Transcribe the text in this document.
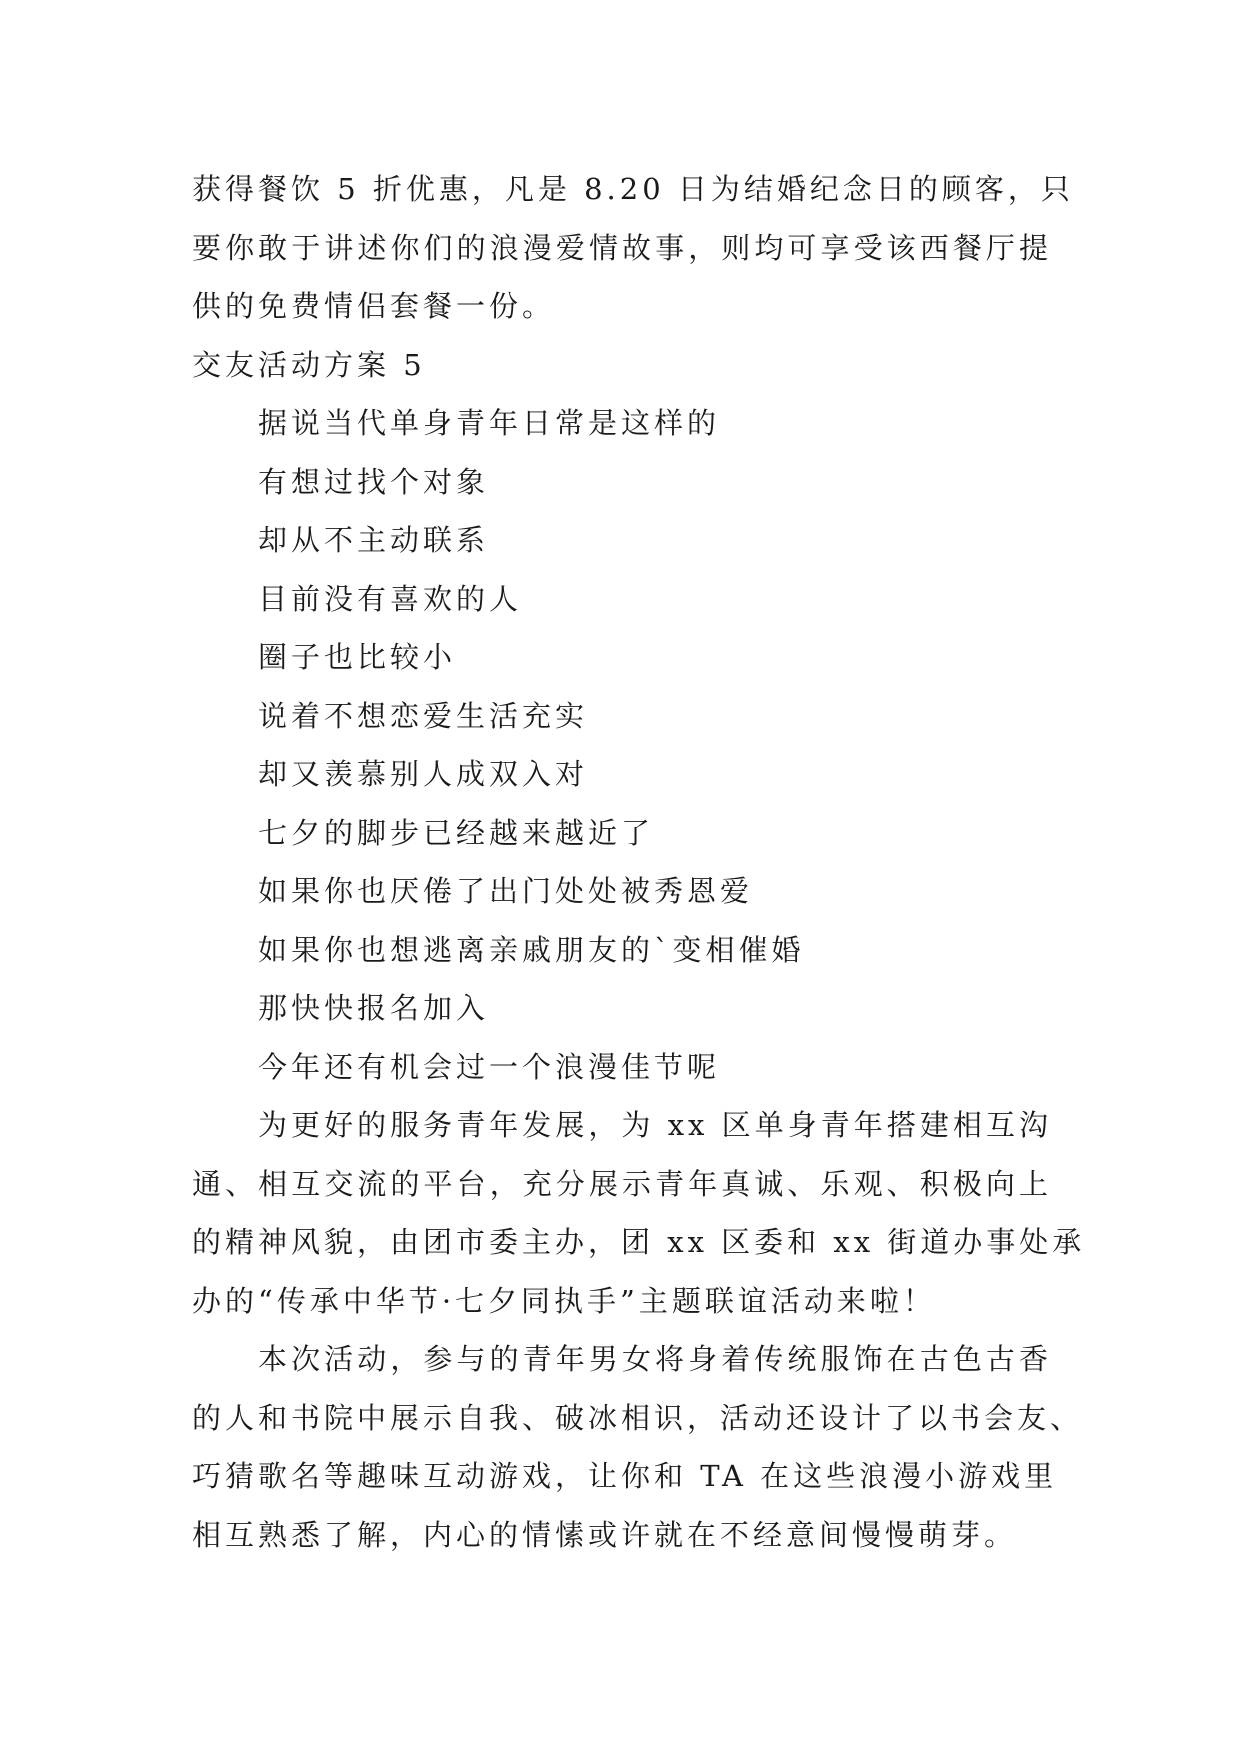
获得餐饮 5 折优惠，凡是 8.20 日为结婚纪念日的顾客，只
要你敢于讲述你们的浪漫爱情故事，则均可享受该西餐厅提
供的免费情侣套餐一份。
交友活动方案 5
据说当代单身青年日常是这样的
有想过找个对象
却从不主动联系
目前没有喜欢的人
圈子也比较小
说着不想恋爱生活充实
却又羡慕别人成双入对
七夕的脚步已经越来越近了
如果你也厌倦了出门处处被秀恩爱
如果你也想逃离亲戚朋友的`变相催婚
那快快报名加入
今年还有机会过一个浪漫佳节呢
为更好的服务青年发展，为 xx 区单身青年搭建相互沟
通、相互交流的平台，充分展示青年真诚、乐观、积极向上
的精神风貌，由团市委主办，团 xx 区委和 xx 街道办事处承
办的“传承中华节·七夕同执手”主题联谊活动来啦！
本次活动，参与的青年男女将身着传统服饰在古色古香
的人和书院中展示自我、破冰相识，活动还设计了以书会友、
巧猜歌名等趣味互动游戏，让你和 TA 在这些浪漫小游戏里
相互熟悉了解，内心的情愫或许就在不经意间慢慢萌芽。
